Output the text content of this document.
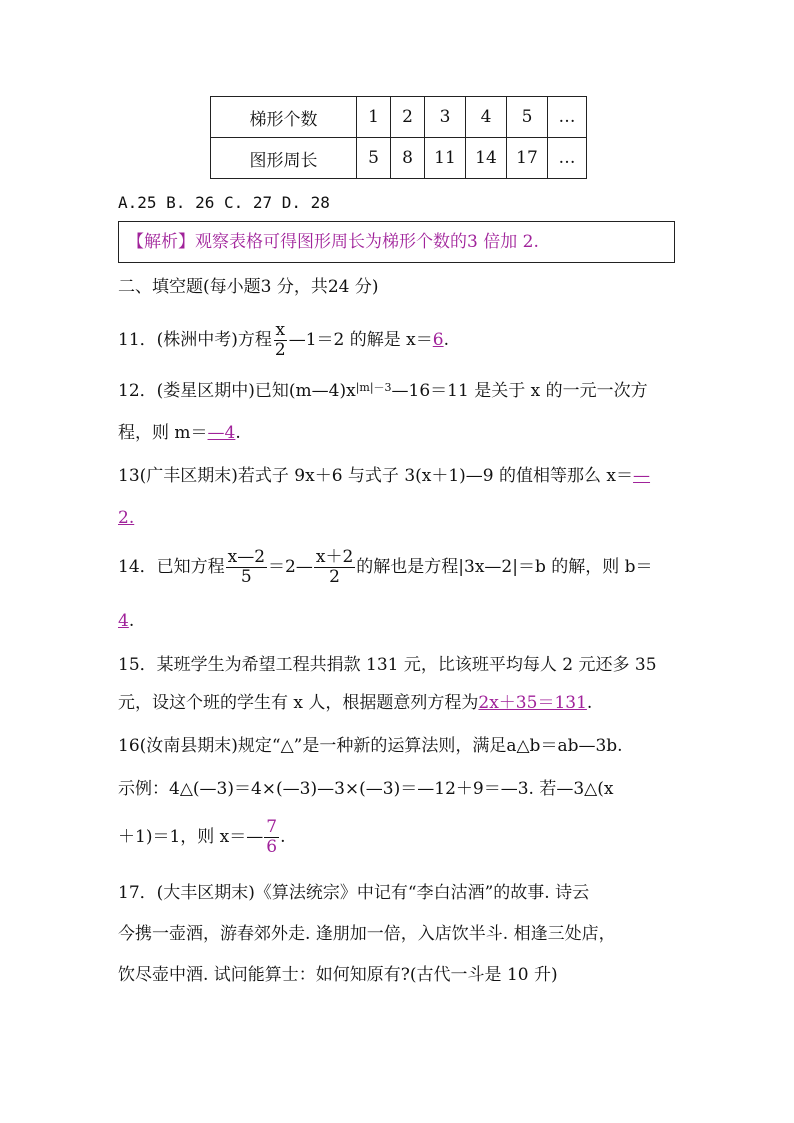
梯形个数	1	2	3	4	5	…
图形周长	5	8	11	14	17	…
A.25 B. 26 C. 27 D. 28
【解析】观察表格可得图形周长为梯形个数的3 倍加 2.
二、填空题(每小题3 分，共24 分)
11．(株洲中考)方程 $\frac{x}{2}$ —1＝2 的解是 x＝6.
12．(娄星区期中)已知$(m—4)x^{|m|-3}—16=11$ 是关于 x 的一元一次方
程，则 m＝—4.
13(广丰区期末)若式子 9x＋6 与式子 3(x＋1)—9 的值相等那么 x＝—
2.
14．已知方程 $\frac{x—2}{5}$ ＝2— $\frac{x+2}{2}$ 的解也是方程|3x—2|＝b 的解，则 b＝
4.
15．某班学生为希望工程共捐款 131 元，比该班平均每人 2 元还多 35
元，设这个班的学生有 x 人，根据题意列方程为2x＋35＝131.
16(汝南县期末)规定“△”是一种新的运算法则，满足a△b＝ab—3b.
示例：4△(—3)＝4×(—3)—3×(—3)＝—12＋9＝—3. 若—3△(x
＋1)＝1，则 x＝— $\frac{7}{6}$ .
17．(大丰区期末)《算法统宗》中记有“李白沽酒”的故事. 诗云
今携一壶酒，游春郊外走. 逢朋加一倍，入店饮半斗. 相逢三处店，
饮尽壶中酒. 试问能算士：如何知原有?(古代一斗是 10 升)
